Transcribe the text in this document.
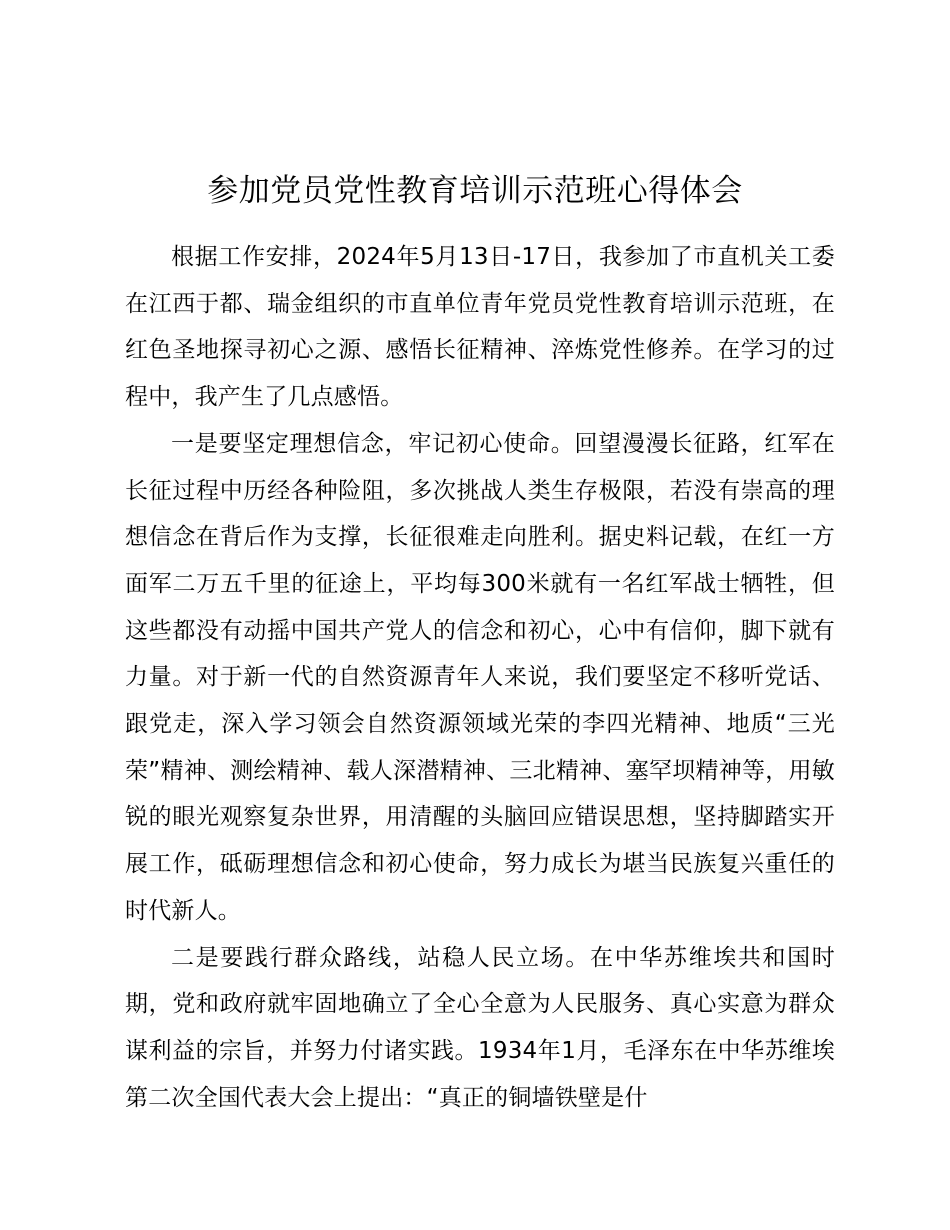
参加党员党性教育培训示范班心得体会

根据工作安排，2024年5月13日-17日，我参加了市直机关工委在江西于都、瑞金组织的市直单位青年党员党性教育培训示范班，在红色圣地探寻初心之源、感悟长征精神、淬炼党性修养。在学习的过程中，我产生了几点感悟。

一是要坚定理想信念，牢记初心使命。回望漫漫长征路，红军在长征过程中历经各种险阻，多次挑战人类生存极限，若没有崇高的理想信念在背后作为支撑，长征很难走向胜利。据史料记载，在红一方面军二万五千里的征途上，平均每300米就有一名红军战士牺牲，但这些都没有动摇中国共产党人的信念和初心，心中有信仰，脚下就有力量。对于新一代的自然资源青年人来说，我们要坚定不移听党话、跟党走，深入学习领会自然资源领域光荣的李四光精神、地质“三光荣”精神、测绘精神、载人深潜精神、三北精神、塞罕坝精神等，用敏锐的眼光观察复杂世界，用清醒的头脑回应错误思想，坚持脚踏实开展工作，砥砺理想信念和初心使命，努力成长为堪当民族复兴重任的时代新人。

二是要践行群众路线，站稳人民立场。在中华苏维埃共和国时期，党和政府就牢固地确立了全心全意为人民服务、真心实意为群众谋利益的宗旨，并努力付诸实践。1934年1月，毛泽东在中华苏维埃第二次全国代表大会上提出：“真正的铜墙铁壁是什
